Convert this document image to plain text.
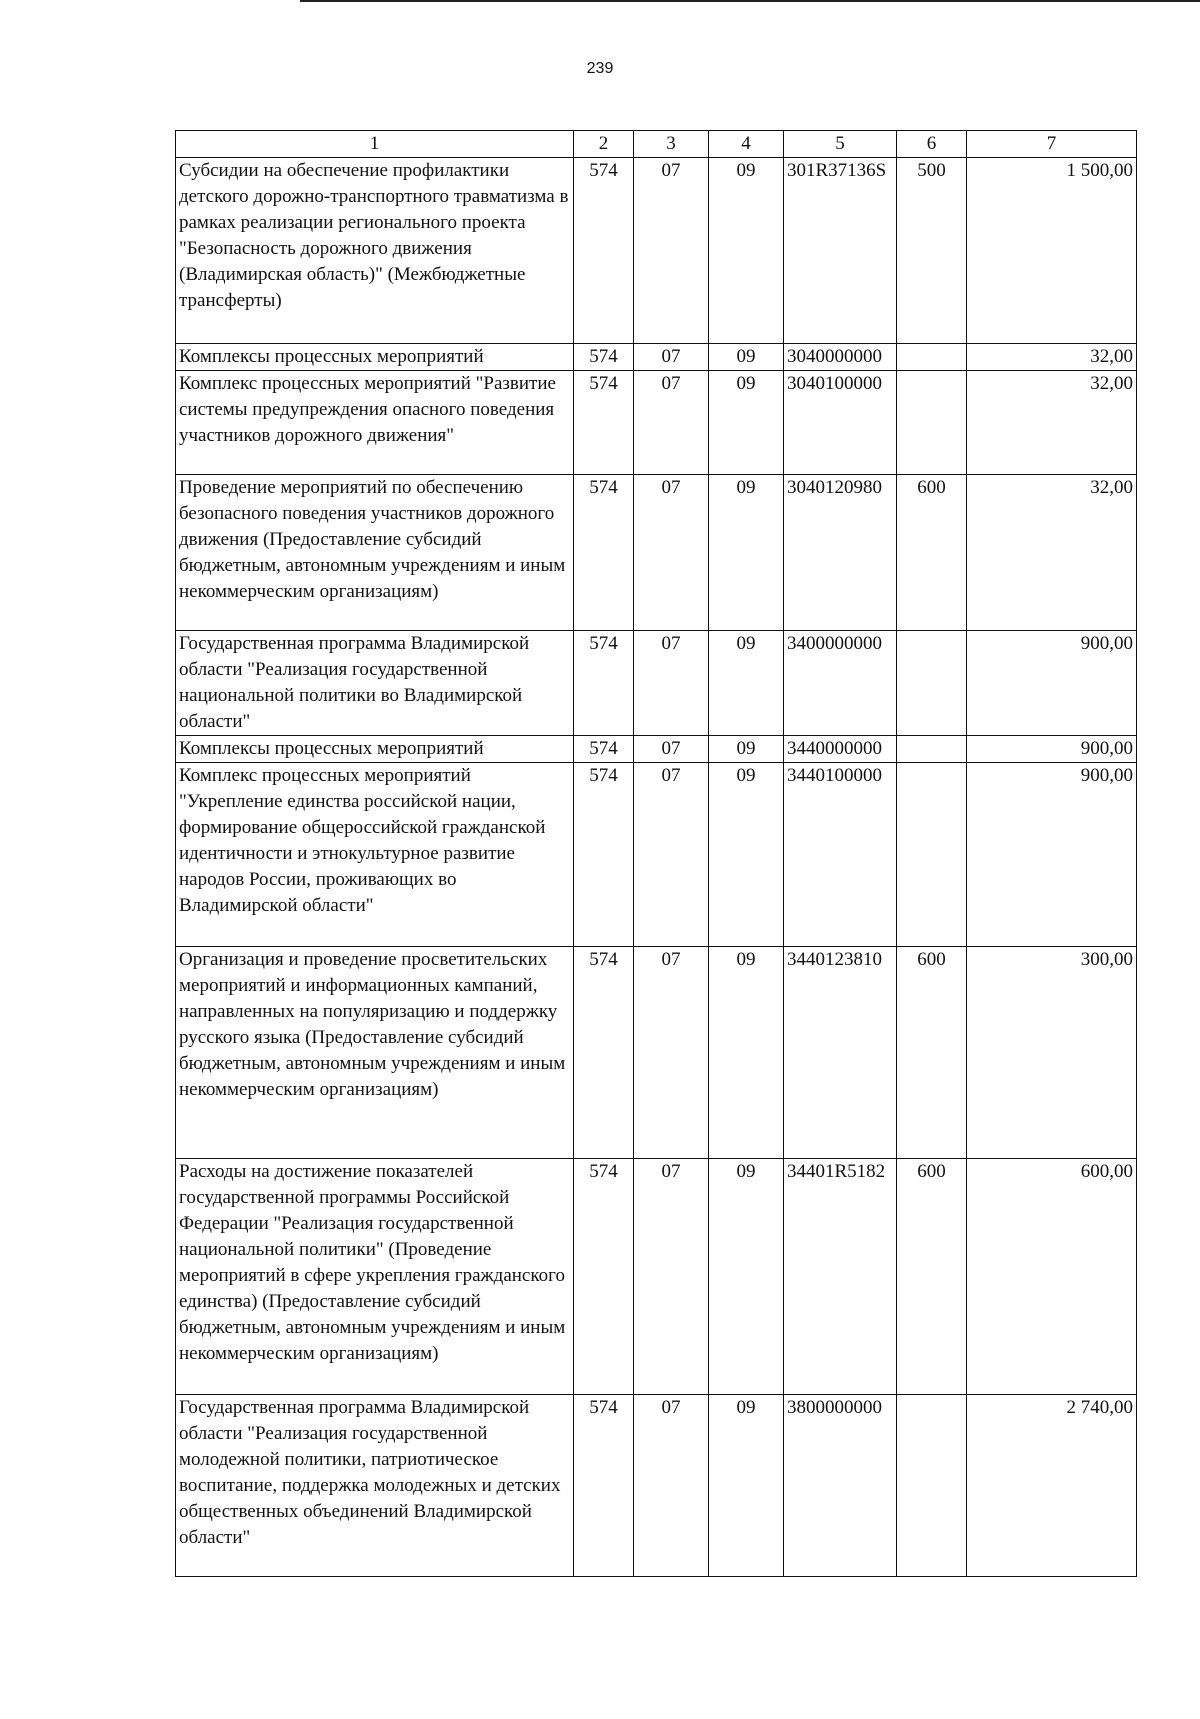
239
1	2	3	4	5	6	7
Субсидии на обеспечение профилактики детского дорожно-транспортного травматизма в рамках реализации регионального проекта "Безопасность дорожного движения (Владимирская область)" (Межбюджетные трансферты)	574	07	09	301R37136S	500	1 500,00
Комплексы процессных мероприятий	574	07	09	3040000000		32,00
Комплекс процессных мероприятий "Развитие системы предупреждения опасного поведения участников дорожного движения"	574	07	09	3040100000		32,00
Проведение мероприятий по обеспечению безопасного поведения участников дорожного движения (Предоставление субсидий бюджетным, автономным учреждениям и иным некоммерческим организациям)	574	07	09	3040120980	600	32,00
Государственная программа Владимирской области "Реализация государственной национальной политики во Владимирской области"	574	07	09	3400000000		900,00
Комплексы процессных мероприятий	574	07	09	3440000000		900,00
Комплекс процессных мероприятий "Укрепление единства российской нации, формирование общероссийской гражданской идентичности и этнокультурное развитие народов России, проживающих во Владимирской области"	574	07	09	3440100000		900,00
Организация и проведение просветительских мероприятий и информационных кампаний, направленных на популяризацию и поддержку русского языка (Предоставление субсидий бюджетным, автономным учреждениям и иным некоммерческим организациям)	574	07	09	3440123810	600	300,00
Расходы на достижение показателей государственной программы Российской Федерации "Реализация государственной национальной политики" (Проведение мероприятий в сфере укрепления гражданского единства) (Предоставление субсидий бюджетным, автономным учреждениям и иным некоммерческим организациям)	574	07	09	34401R5182	600	600,00
Государственная программа Владимирской области "Реализация государственной молодежной политики, патриотическое воспитание, поддержка молодежных и детских общественных объединений Владимирской области"	574	07	09	3800000000		2 740,00
